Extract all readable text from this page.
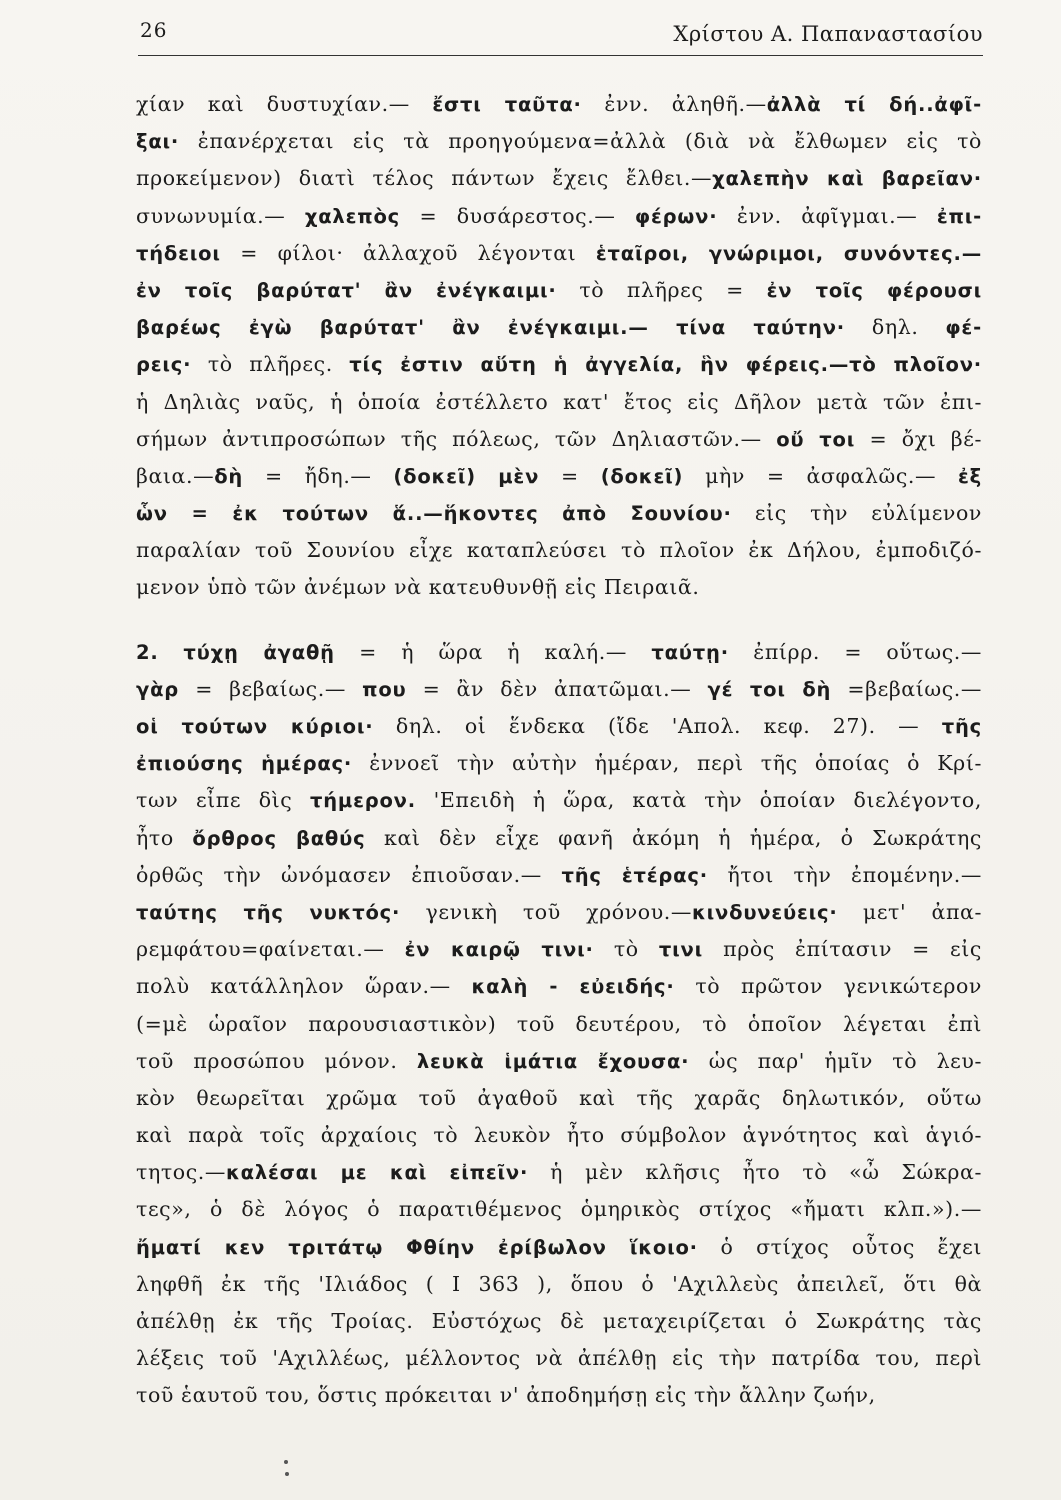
26	Χρίστου Α. Παπαναστασίου
χίαν καὶ δυστυχίαν.— ἔστι ταῦτα· ἐνν. ἀληθῆ.—ἀλλὰ τί δή..ἀφῖ-
ξαι· ἐπανέρχεται εἰς τὰ προηγούμενα=ἀλλὰ (διὰ νὰ ἔλθωμεν εἰς τὸ
προκείμενον) διατὶ τέλος πάντων ἔχεις ἔλθει.—χαλεπὴν καὶ βαρεῖαν·
συνωνυμία.— χαλεπὸς = δυσάρεστος.— φέρων· ἐνν. ἀφῖγμαι.— ἐπι-
τήδειοι = φίλοι· ἀλλαχοῦ λέγονται ἑταῖροι, γνώριμοι, συνόντες.—
ἐν τοῖς βαρύτατ' ἂν ἐνέγκαιμι· τὸ πλῆρες = ἐν τοῖς φέρουσι
βαρέως ἐγὼ βαρύτατ' ἂν ἐνέγκαιμι.— τίνα ταύτην· δηλ. φέ-
ρεις· τὸ πλῆρες. τίς ἐστιν αὕτη ἡ ἀγγελία, ἣν φέρεις.—τὸ πλοῖον·
ἡ Δηλιὰς ναῦς, ἡ ὁποία ἐστέλλετο κατ' ἔτος εἰς Δῆλον μετὰ τῶν ἐπι-
σήμων ἀντιπροσώπων τῆς πόλεως, τῶν Δηλιαστῶν.— οὔ τοι = ὄχι βέ-
βαια.—δὴ = ἤδη.— (δοκεῖ) μὲν = (δοκεῖ) μὴν = ἀσφαλῶς.— ἐξ
ὧν = ἐκ τούτων ἅ..—ἥκοντες ἀπὸ Σουνίου· εἰς τὴν εὐλίμενον
παραλίαν τοῦ Σουνίου εἶχε καταπλεύσει τὸ πλοῖον ἐκ Δήλου, ἐμποδιζό-
μενον ὑπὸ τῶν ἀνέμων νὰ κατευθυνθῇ εἰς Πειραιᾶ.
2. τύχῃ ἀγαθῇ = ἡ ὥρα ἡ καλή.— ταύτῃ· ἐπίρρ. = οὕτως.—
γὰρ = βεβαίως.— που = ἂν δὲν ἀπατῶμαι.— γέ τοι δὴ =βεβαίως.—
οἱ τούτων κύριοι· δηλ. οἱ ἕνδεκα (ἴδε 'Απολ. κεφ. 27). — τῆς
ἐπιούσης ἡμέρας· ἐννοεῖ τὴν αὐτὴν ἡμέραν, περὶ τῆς ὁποίας ὁ Κρί-
των εἶπε δὶς τήμερον. 'Επειδὴ ἡ ὥρα, κατὰ τὴν ὁποίαν διελέγοντο,
ἦτο ὄρθρος βαθύς καὶ δὲν εἶχε φανῆ ἀκόμη ἡ ἡμέρα, ὁ Σωκράτης
ὀρθῶς τὴν ὠνόμασεν ἐπιοῦσαν.— τῆς ἑτέρας· ἤτοι τὴν ἐπομένην.—
ταύτης τῆς νυκτός· γενικὴ τοῦ χρόνου.—κινδυνεύεις· μετ' ἀπα-
ρεμφάτου=φαίνεται.— ἐν καιρῷ τινι· τὸ τινι πρὸς ἐπίτασιν = εἰς
πολὺ κατάλληλον ὥραν.— καλὴ - εὐειδής· τὸ πρῶτον γενικώτερον
(=μὲ ὡραῖον παρουσιαστικὸν) τοῦ δευτέρου, τὸ ὁποῖον λέγεται ἐπὶ
τοῦ προσώπου μόνον. λευκὰ ἱμάτια ἔχουσα· ὡς παρ' ἡμῖν τὸ λευ-
κὸν θεωρεῖται χρῶμα τοῦ ἀγαθοῦ καὶ τῆς χαρᾶς δηλωτικόν, οὕτω
καὶ παρὰ τοῖς ἀρχαίοις τὸ λευκὸν ἦτο σύμβολον ἁγνότητος καὶ ἁγιό-
τητος.—καλέσαι με καὶ εἰπεῖν· ἡ μὲν κλῆσις ἦτο τὸ «ὦ Σώκρα-
τες», ὁ δὲ λόγος ὁ παρατιθέμενος ὁμηρικὸς στίχος «ἤματι κλπ.»).—
ἤματί κεν τριτάτῳ Φθίην ἐρίβωλον ἵκοιο· ὁ στίχος οὗτος ἔχει
ληφθῆ ἐκ τῆς 'Ιλιάδος ( Ι 363 ), ὅπου ὁ 'Αχιλλεὺς ἀπειλεῖ, ὅτι θὰ
ἀπέλθῃ ἐκ τῆς Τροίας. Εὐστόχως δὲ μεταχειρίζεται ὁ Σωκράτης τὰς
λέξεις τοῦ 'Αχιλλέως, μέλλοντος νὰ ἀπέλθῃ εἰς τὴν πατρίδα του, περὶ
τοῦ ἑαυτοῦ του, ὅστις πρόκειται ν' ἀποδημήσῃ εἰς τὴν ἄλλην ζωήν,
